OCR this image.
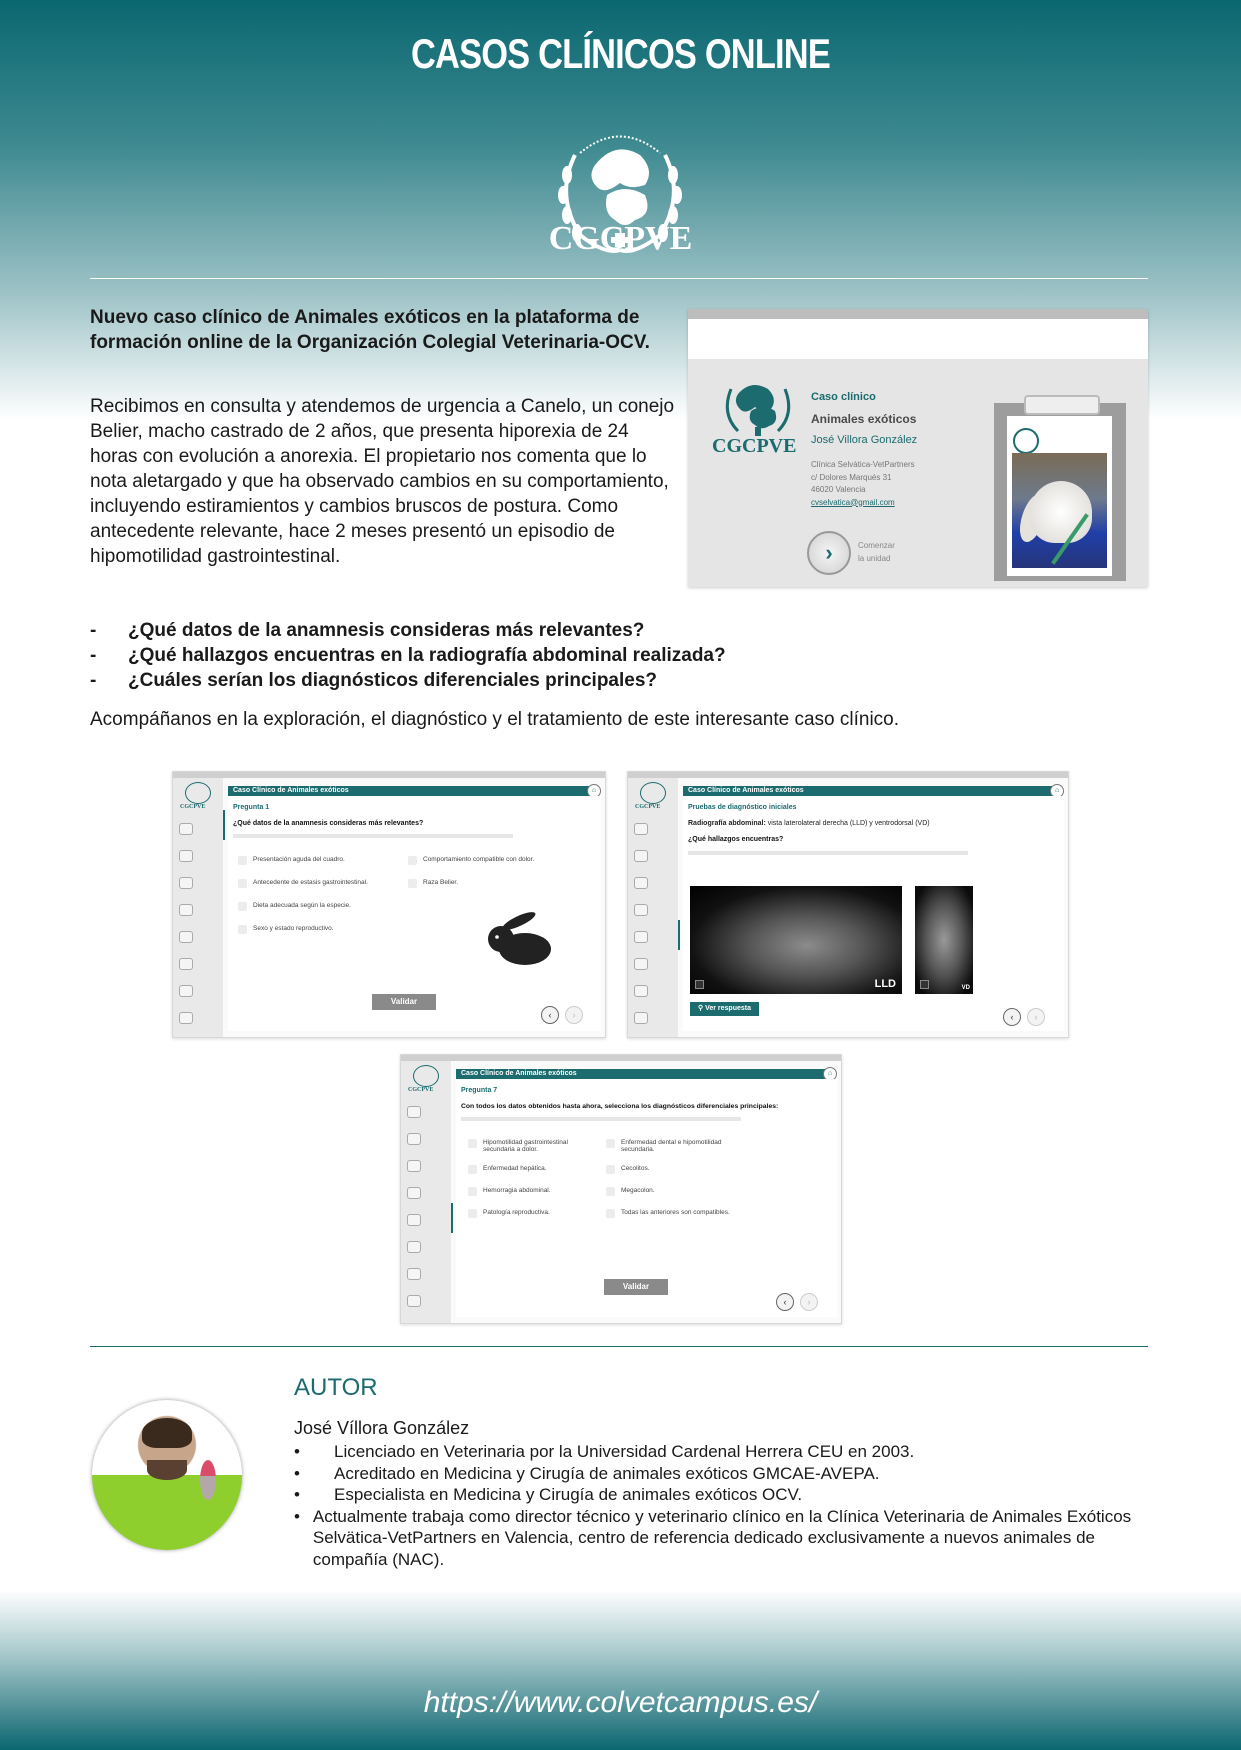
CASOS CLÍNICOS ONLINE
CGCPVE
Nuevo caso clínico de Animales exóticos en la plataforma de formación online de la Organización Colegial Veterinaria-OCV.
Recibimos en consulta y atendemos de urgencia a Canelo, un conejo Belier, macho castrado de 2 años, que presenta hiporexia de 24 horas con evolución a anorexia. El propietario nos comenta que lo nota aletargado y que ha observado cambios en su comportamiento, incluyendo estiramientos y cambios bruscos de postura. Como antecedente relevante, hace 2 meses presentó un episodio de hipomotilidad gastrointestinal.
CGCPVE
Caso clínico
Animales exóticos
José Villora González
Clínica Selvàtica-VetPartners
c/ Dolores Marqués 31
46020 Valencia
cvselvatica@gmail.com
›	Comenzar
la unidad
-	¿Qué datos de la anamnesis consideras más relevantes?
-	¿Qué hallazgos encuentras en la radiografía abdominal realizada?
-	¿Cuáles serían los diagnósticos diferenciales principales?
Acompáñanos en la exploración, el diagnóstico y el tratamiento de este interesante caso clínico.
CGCPVE
Caso Clínico de Animales exóticos	⌂
Pregunta 1
¿Qué datos de la anamnesis consideras más relevantes?
Presentación aguda del cuadro.
Antecedente de estasis gastrointestinal.
Dieta adecuada según la especie.
Sexo y estado reproductivo.
Comportamiento compatible con dolor.
Raza Belier.
Validar
‹	›
CGCPVE
Caso Clínico de Animales exóticos	⌂
Pruebas de diagnóstico iniciales
Radiografía abdominal: vista laterolateral derecha (LLD) y ventrodorsal (VD)
¿Qué hallazgos encuentras?
LLD	VD
⚲ Ver respuesta
‹	›
CGCPVE
Caso Clínico de Animales exóticos	⌂
Pregunta 7
Con todos los datos obtenidos hasta ahora, selecciona los diagnósticos diferenciales principales:
Hipomotilidad gastrointestinal secundaria a dolor.
Enfermedad hepática.
Hemorragia abdominal.
Patología reproductiva.
Enfermedad dental e hipomotilidad secundaria.
Cecolitos.
Megacolon.
Todas las anteriores son compatibles.
Validar
‹	›
AUTOR
José Víllora González
•	Licenciado en Veterinaria por la Universidad Cardenal Herrera CEU en 2003.
•	Acreditado en Medicina y Cirugía de animales exóticos GMCAE-AVEPA.
•	Especialista en Medicina y Cirugía de animales exóticos OCV.
• Actualmente trabaja como director técnico y veterinario clínico en la Clínica Veterinaria de Animales Exóticos Selvätica-VetPartners en Valencia, centro de referencia dedicado exclusivamente a nuevos animales de compañía (NAC).
https://www.colvetcampus.es/
